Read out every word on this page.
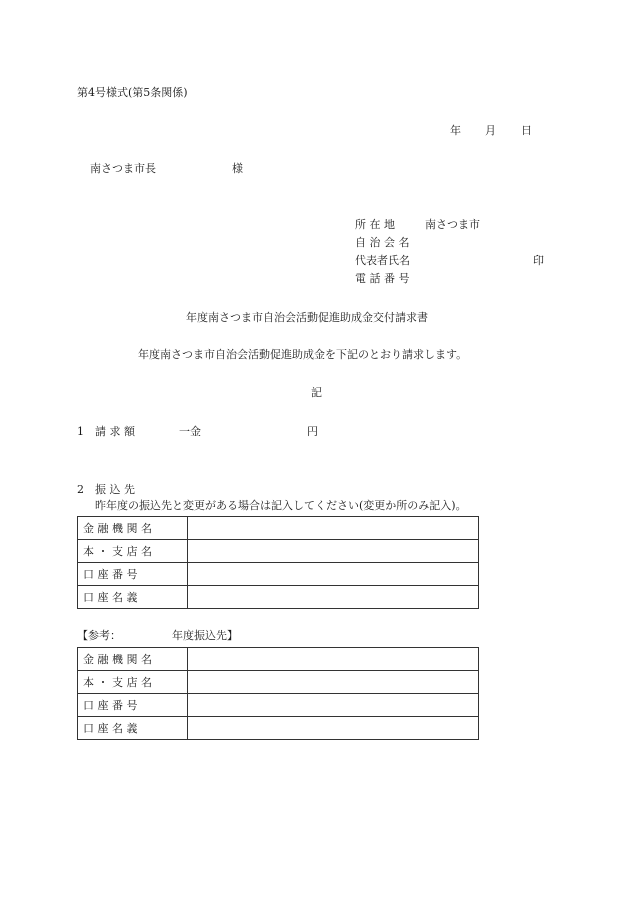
第4号様式(第5条関係)
年 月 日
南さつま市長	様
所 在 地	南さつま市
自 治 会 名
代表者氏名	印
電 話 番 号
年度南さつま市自治会活動促進助成金交付請求書
年度南さつま市自治会活動促進助成金を下記のとおり請求します。
記
1 請 求 額	一金	円
2 振 込 先
昨年度の振込先と変更がある場合は記入してください(変更か所のみ記入)。
金 融 機 関 名	

本 ・ 支 店 名	

口 座 番 号	

口 座 名 義	

【参考：	年度振込先】
金 融 機 関 名	

本 ・ 支 店 名	

口 座 番 号	

口 座 名 義	
